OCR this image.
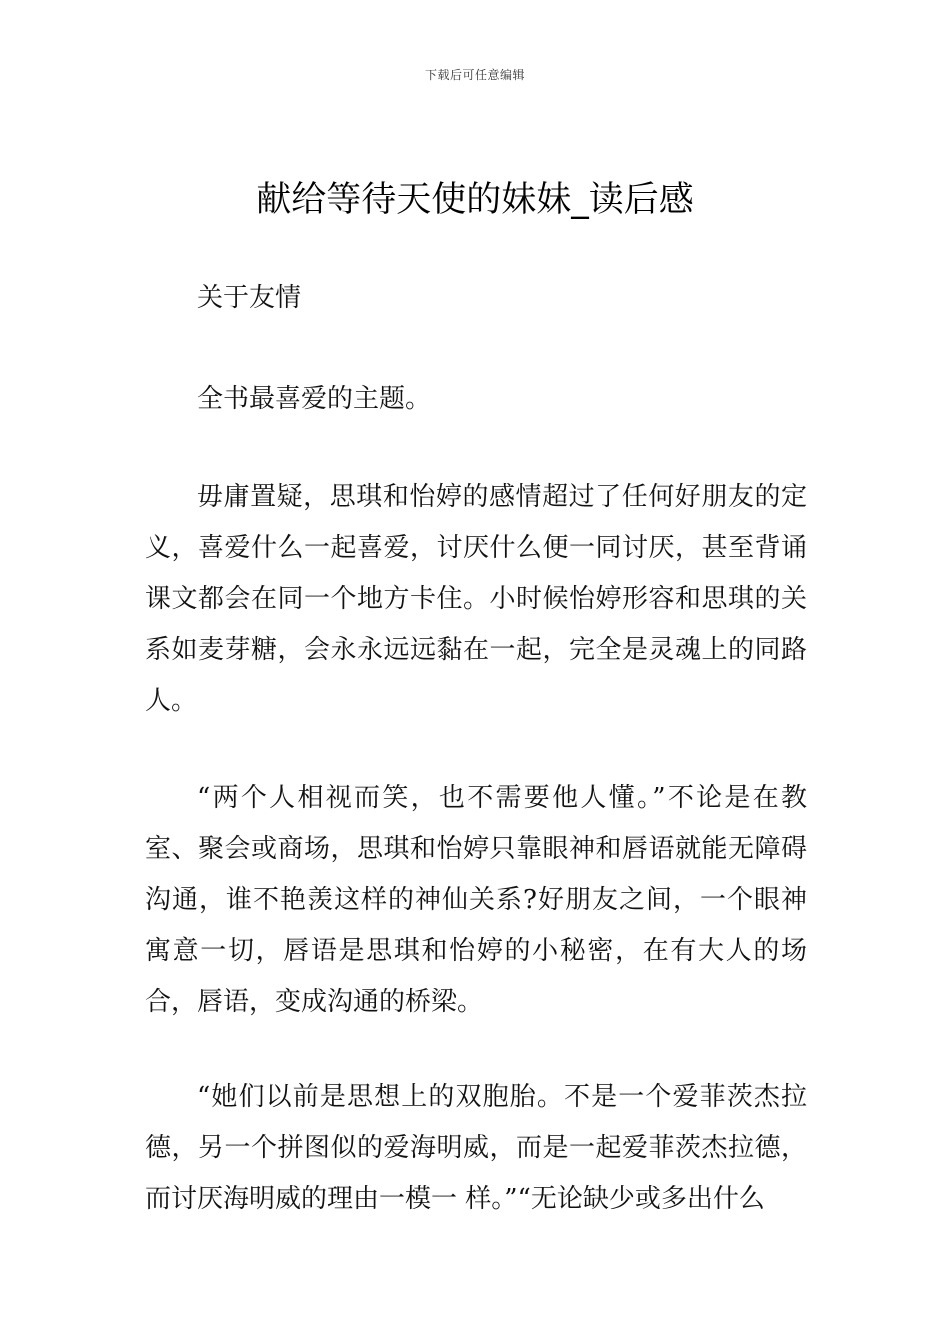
下载后可任意编辑
献给等待天使的妹妹_读后感

关于友情

全书最喜爱的主题。

毋庸置疑，思琪和怡婷的感情超过了任何好朋友的定义，喜爱什么一起喜爱，讨厌什么便一同讨厌，甚至背诵课文都会在同一个地方卡住。小时候怡婷形容和思琪的关系如麦芽糖，会永永远远黏在一起，完全是灵魂上的同路人。

“两个人相视而笑，也不需要他人懂。”不论是在教室、聚会或商场，思琪和怡婷只靠眼神和唇语就能无障碍沟通，谁不艳羡这样的神仙关系?好朋友之间，一个眼神寓意一切，唇语是思琪和怡婷的小秘密，在有大人的场合，唇语，变成沟通的桥梁。

“她们以前是思想上的双胞胎。不是一个爱菲茨杰拉德，另一个拼图似的爱海明威，而是一起爱菲茨杰拉德，而讨厌海明威的理由一模一 样。”“无论缺少或多出什么
